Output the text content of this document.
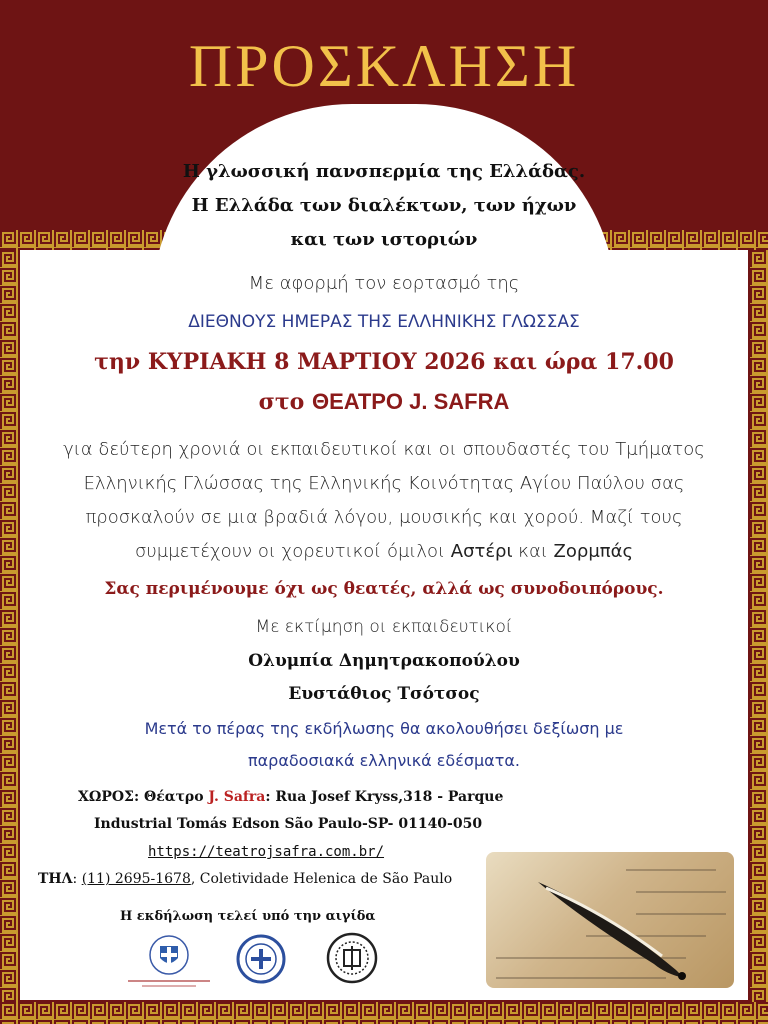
ΠΡΟΣΚΛΗΣΗ
Η γλωσσική πανσπερμία της Ελλάδας.
Η Ελλάδα των διαλέκτων, των ήχων
και των ιστοριών
Με αφορμή τον εορτασμό της
ΔΙΕΘΝΟΥΣ ΗΜΕΡΑΣ ΤΗΣ ΕΛΛΗΝΙΚΗΣ ΓΛΩΣΣΑΣ
την ΚΥΡΙΑΚΗ 8 ΜΑΡΤΙΟΥ 2026 και ώρα 17.00
στο ΘΕΑΤΡΟ J. SAFRA
για δεύτερη χρονιά οι εκπαιδευτικοί και οι σπουδαστές του Τμήματος
Ελληνικής Γλώσσας της Ελληνικής Κοινότητας Αγίου Παύλου σας
προσκαλούν σε μια βραδιά λόγου, μουσικής και χορού. Μαζί τους
συμμετέχουν οι χορευτικοί όμιλοι Αστέρι και Ζορμπάς
Σας περιμένουμε όχι ως θεατές, αλλά ως συνοδοιπόρους.
Με εκτίμηση οι εκπαιδευτικοί
Ολυμπία Δημητρακοπούλου
Ευστάθιος Τσότσος
Μετά το πέρας της εκδήλωσης θα ακολουθήσει δεξίωση με
παραδοσιακά ελληνικά εδέσματα.
ΧΩΡΟΣ: Θέατρο J. Safra: Rua Josef Kryss,318 - Parque
Industrial Tomás Edson São Paulo-SP- 01140-050
https://teatrojsafra.com.br/
ΤΗΛ: (11) 2695-1678, Coletividade Helenica de São Paulo
Η εκδήλωση τελεί υπό την αιγίδα
